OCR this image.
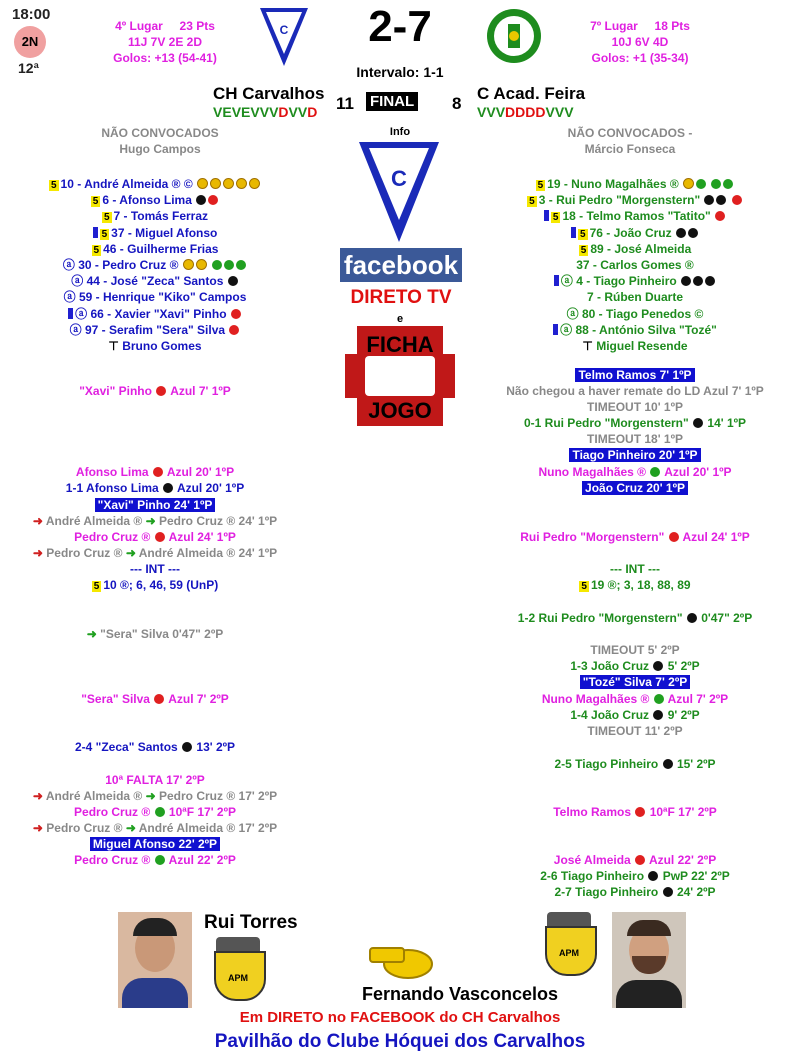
18:00
2N
12ª
4º Lugar     23 Pts
11J 7V 2E 2D
Golos: +13 (54-41)
7º Lugar     18 Pts
10J 6V 4D
Golos: +1 (35-34)
C	2-7
Intervalo: 1-1
CH Carvalhos	C Acad. Feira
11 FINAL 8
VEVEVVVDVVD	VVVDDDDVVV
NÃO CONVOCADOS
Hugo Campos
NÃO CONVOCADOS -
Márcio Fonseca
Info
C
facebook
DIRETO TV
e
FICHA
JOGO
5 10 - André Almeida ® ©
5 6 - Afonso Lima
5 7 - Tomás Ferraz
5 37 - Miguel Afonso
5 46 - Guilherme Frias
ⓐ 30 - Pedro Cruz ®
ⓐ 44 - José "Zeca" Santos
ⓐ 59 - Henrique "Kiko" Campos
ⓐ 66 - Xavier "Xavi" Pinho
ⓐ 97 - Serafim "Sera" Silva
⊤ Bruno Gomes
5 19 - Nuno Magalhães ®
5 3 - Rui Pedro "Morgenstern"
5 18 - Telmo Ramos "Tatito"
5 76 - João Cruz
5 89 - José Almeida
37 - Carlos Gomes ®
ⓐ 4 - Tiago Pinheiro
7 - Rúben Duarte
ⓐ 80 - Tiago Penedos ©
ⓐ 88 - António Silva "Tozé"
⊤ Miguel Resende
"Xavi" Pinho Azul 7' 1ºP
Afonso Lima Azul 20' 1ºP
1-1 Afonso Lima Azul 20' 1ºP
"Xavi" Pinho 24' 1ºP
➜ André Almeida ® ➜ Pedro Cruz ® 24' 1ºP
Pedro Cruz ® Azul 24' 1ºP
➜ Pedro Cruz ® ➜ André Almeida ® 24' 1ºP
--- INT ---
5 10 ®; 6, 46, 59 (UnP)
➜ "Sera" Silva 0'47" 2ºP
"Sera" Silva Azul 7' 2ºP
2-4 "Zeca" Santos 13' 2ºP
10ª FALTA 17' 2ºP
➜ André Almeida ® ➜ Pedro Cruz ® 17' 2ºP
Pedro Cruz ® 10ªF 17' 2ºP
➜ Pedro Cruz ® ➜ André Almeida ® 17' 2ºP
Miguel Afonso 22' 2ºP
Pedro Cruz ® Azul 22' 2ºP
Telmo Ramos 7' 1ºP
Não chegou a haver remate do LD Azul 7' 1ºP
TIMEOUT 10' 1ºP
0-1 Rui Pedro "Morgenstern" 14' 1ºP
TIMEOUT 18' 1ºP
Tiago Pinheiro 20' 1ºP
Nuno Magalhães ® Azul 20' 1ºP
João Cruz 20' 1ºP
Rui Pedro "Morgenstern" Azul 24' 1ºP
--- INT ---
5 19 ®; 3, 18, 88, 89
1-2 Rui Pedro "Morgenstern" 0'47" 2ºP
TIMEOUT 5' 2ºP
1-3 João Cruz 5' 2ºP
"Tozé" Silva 7' 2ºP
Nuno Magalhães ® Azul 7' 2ºP
1-4 João Cruz 9' 2ºP
TIMEOUT 11' 2ºP
2-5 Tiago Pinheiro 15' 2ºP
Telmo Ramos 10ªF 17' 2ºP
José Almeida Azul 22' 2ºP
2-6 Tiago Pinheiro PwP 22' 2ºP
2-7 Tiago Pinheiro 24' 2ºP
Rui Torres
APM
APM
Fernando Vasconcelos
Em DIRETO no FACEBOOK do CH Carvalhos
Pavilhão do Clube Hóquei dos Carvalhos
